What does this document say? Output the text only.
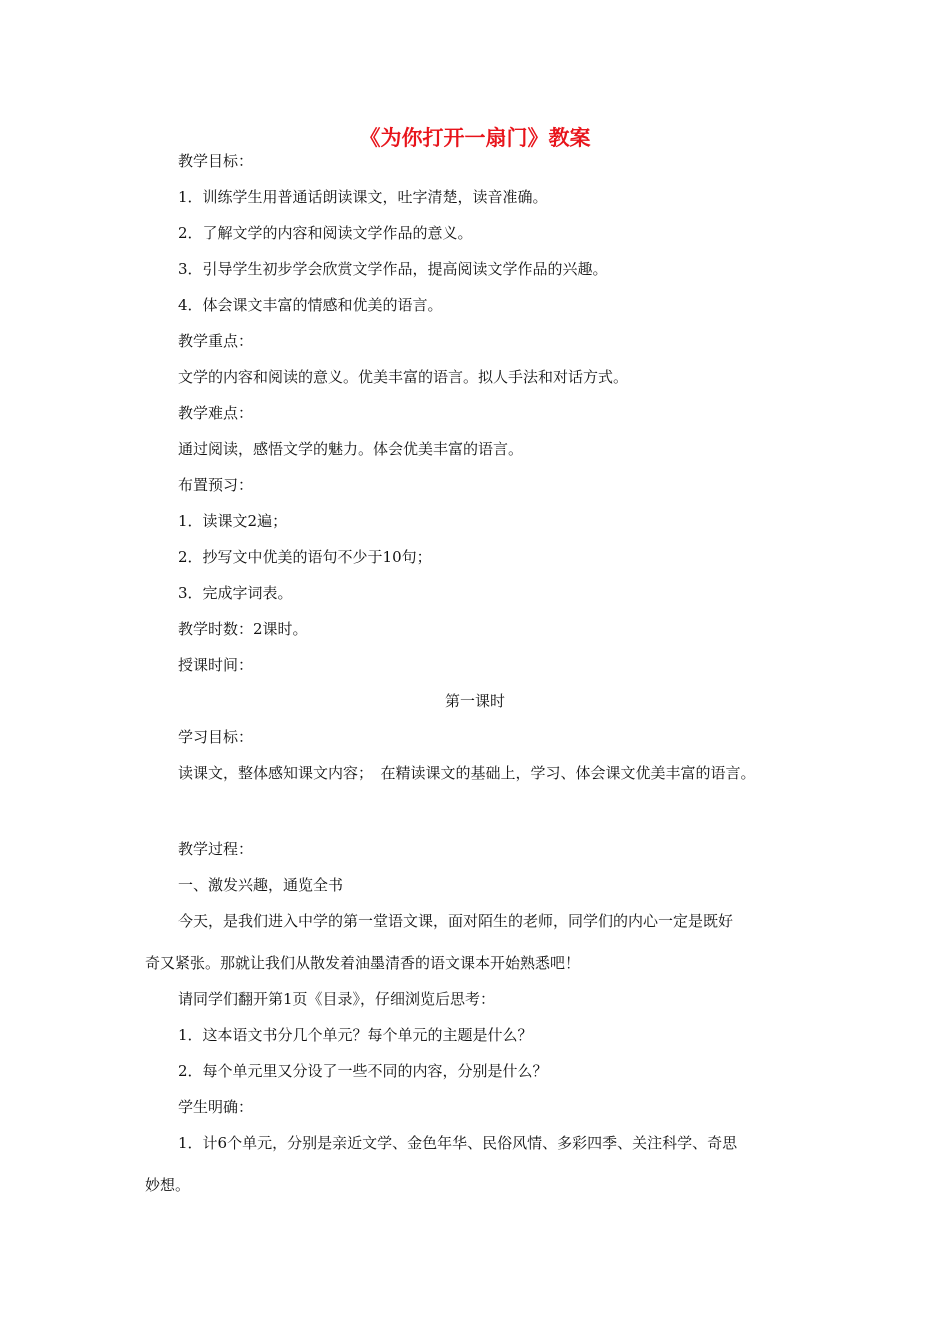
《为你打开一扇门》教案
教学目标：
1．训练学生用普通话朗读课文，吐字清楚，读音准确。
2．了解文学的内容和阅读文学作品的意义。
3．引导学生初步学会欣赏文学作品，提高阅读文学作品的兴趣。
4．体会课文丰富的情感和优美的语言。
教学重点：
文学的内容和阅读的意义。优美丰富的语言。拟人手法和对话方式。
教学难点：
通过阅读，感悟文学的魅力。体会优美丰富的语言。
布置预习：
1．读课文2遍；
2．抄写文中优美的语句不少于10句；
3．完成字词表。
教学时数：2课时。
授课时间：
第一课时
学习目标：
读课文，整体感知课文内容；　在精读课文的基础上，学习、体会课文优美丰富的语言。
教学过程：
一、激发兴趣，通览全书
今天，是我们进入中学的第一堂语文课，面对陌生的老师，同学们的内心一定是既好
奇又紧张。那就让我们从散发着油墨清香的语文课本开始熟悉吧！
请同学们翻开第1页《目录》，仔细浏览后思考：
1．这本语文书分几个单元？每个单元的主题是什么？
2．每个单元里又分设了一些不同的内容，分别是什么？
学生明确：
1．计6个单元，分别是亲近文学、金色年华、民俗风情、多彩四季、关注科学、奇思
妙想。
